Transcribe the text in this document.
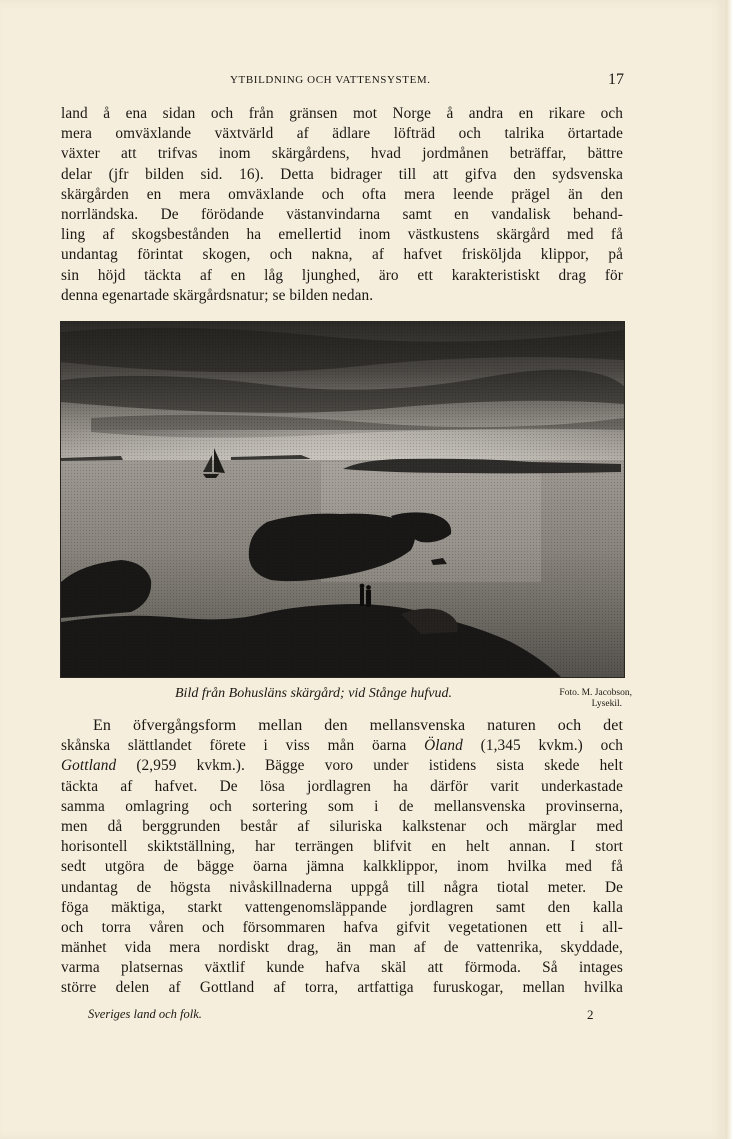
YTBILDNING OCH VATTENSYSTEM.	17
land å ena sidan och från gränsen mot Norge å andra en rikare och
mera omväxlande växtvärld af ädlare löfträd och talrika örtartade
växter att trifvas inom skärgårdens, hvad jordmånen beträffar, bättre
delar (jfr bilden sid. 16). Detta bidrager till att gifva den sydsvenska
skärgården en mera omväxlande och ofta mera leende prägel än den
norrländska. De förödande västanvindarna samt en vandalisk behand-
ling af skogsbestånden ha emellertid inom västkustens skärgård med få
undantag förintat skogen, och nakna, af hafvet frisköljda klippor, på
sin höjd täckta af en låg ljunghed, äro ett karakteristiskt drag för
denna egenartade skärgårdsnatur; se bilden nedan.
Bild från Bohusläns skärgård; vid Stånge hufvud.	Foto. M. Jacobson,
Lysekil.
En öfvergångsform mellan den mellansvenska naturen och det
skånska slättlandet förete i viss mån öarna Öland (1,345 kvkm.) och
Gottland (2,959 kvkm.). Bägge voro under istidens sista skede helt
täckta af hafvet. De lösa jordlagren ha därför varit underkastade
samma omlagring och sortering som i de mellansvenska provinserna,
men då berggrunden består af siluriska kalkstenar och märglar med
horisontell skiktställning, har terrängen blifvit en helt annan. I stort
sedt utgöra de bägge öarna jämna kalkklippor, inom hvilka med få
undantag de högsta nivåskillnaderna uppgå till några tiotal meter. De
föga mäktiga, starkt vattengenomsläppande jordlagren samt den kalla
och torra våren och försommaren hafva gifvit vegetationen ett i all-
mänhet vida mera nordiskt drag, än man af de vattenrika, skyddade,
varma platsernas växtlif kunde hafva skäl att förmoda. Så intages
större delen af Gottland af torra, artfattiga furuskogar, mellan hvilka
Sveriges land och folk.	2
